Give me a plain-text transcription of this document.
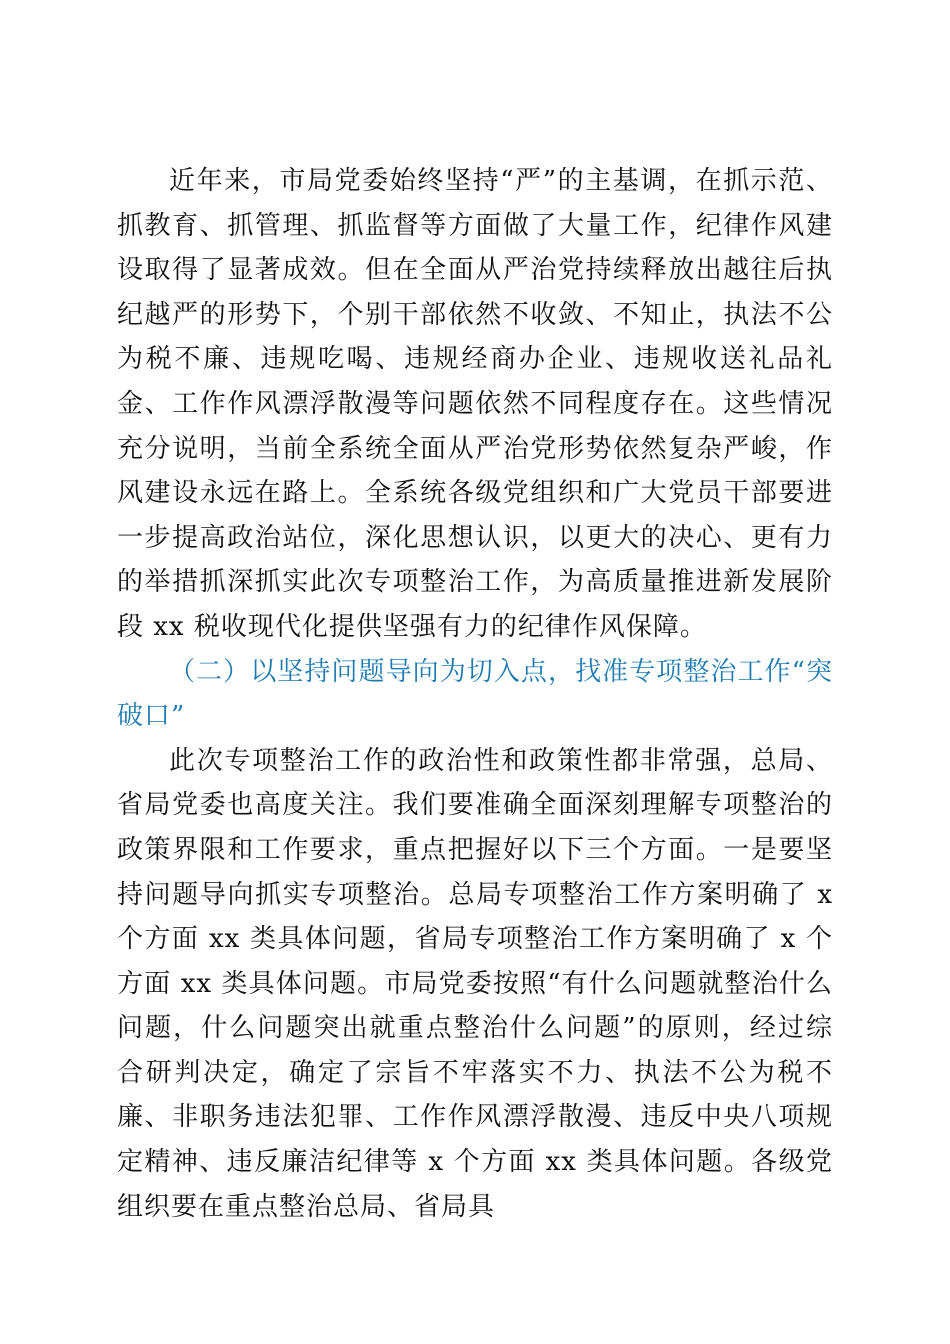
近年来，市局党委始终坚持“严”的主基调，在抓示范、抓教育、抓管理、抓监督等方面做了大量工作，纪律作风建设取得了显著成效。但在全面从严治党持续释放出越往后执纪越严的形势下，个别干部依然不收敛、不知止，执法不公为税不廉、违规吃喝、违规经商办企业、违规收送礼品礼金、工作作风漂浮散漫等问题依然不同程度存在。这些情况充分说明，当前全系统全面从严治党形势依然复杂严峻，作风建设永远在路上。全系统各级党组织和广大党员干部要进一步提高政治站位，深化思想认识，以更大的决心、更有力的举措抓深抓实此次专项整治工作，为高质量推进新发展阶段 xx 税收现代化提供坚强有力的纪律作风保障。

（二）以坚持问题导向为切入点，找准专项整治工作“突破口”

此次专项整治工作的政治性和政策性都非常强，总局、省局党委也高度关注。我们要准确全面深刻理解专项整治的政策界限和工作要求，重点把握好以下三个方面。一是要坚持问题导向抓实专项整治。总局专项整治工作方案明确了 x 个方面 xx 类具体问题，省局专项整治工作方案明确了 x 个方面 xx 类具体问题。市局党委按照“有什么问题就整治什么问题，什么问题突出就重点整治什么问题”的原则，经过综合研判决定，确定了宗旨不牢落实不力、执法不公为税不廉、非职务违法犯罪、工作作风漂浮散漫、违反中央八项规定精神、违反廉洁纪律等 x 个方面 xx 类具体问题。各级党组织要在重点整治总局、省局具
